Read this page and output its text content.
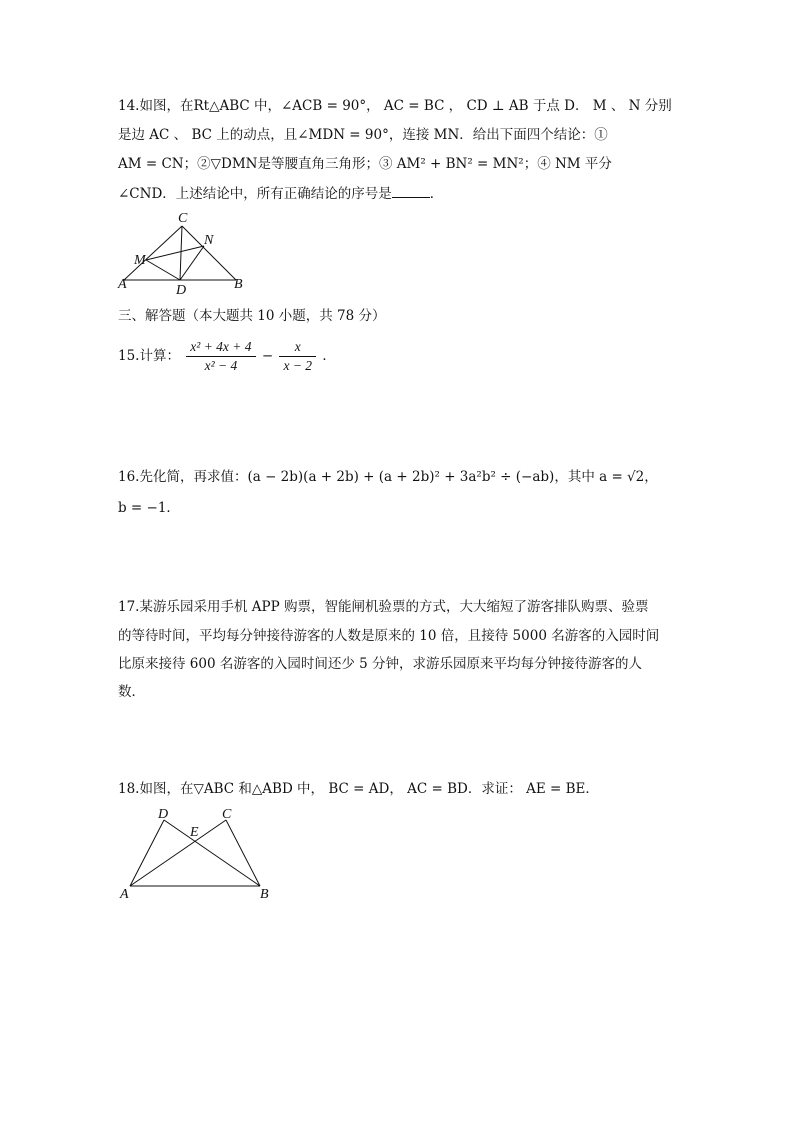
14.如图，在Rt△ABC 中，∠ACB = 90°， AC = BC ， CD ⊥ AB 于点 D． M 、 N 分别
是边 AC 、 BC 上的动点，且∠MDN = 90°，连接 MN．给出下面四个结论：①
AM = CN；②▽DMN是等腰直角三角形；③ AM² + BN² = MN²；④ NM 平分
∠CND．上述结论中，所有正确结论的序号是	．
C
N
M
A	D	B
三、解答题（本大题共 10 小题，共 78 分）
15.计算： $\frac{\text{x² + 4x + 4}}{\text{x² − 4}} - \frac{x}{x - 2}$ ．
16.先化简，再求值：(a − 2b)(a + 2b) + (a + 2b)² + 3a²b² ÷ (−ab)，其中 a = √2，
b = −1．
17.某游乐园采用手机 APP 购票，智能闸机验票的方式，大大缩短了游客排队购票、验票
的等待时间，平均每分钟接待游客的人数是原来的 10 倍，且接待 5000 名游客的入园时间
比原来接待 600 名游客的入园时间还少 5 分钟，求游乐园原来平均每分钟接待游客的人
数．
18.如图，在▽ABC 和△ABD 中， BC = AD， AC = BD．求证： AE = BE．
D
E
C
A	B
